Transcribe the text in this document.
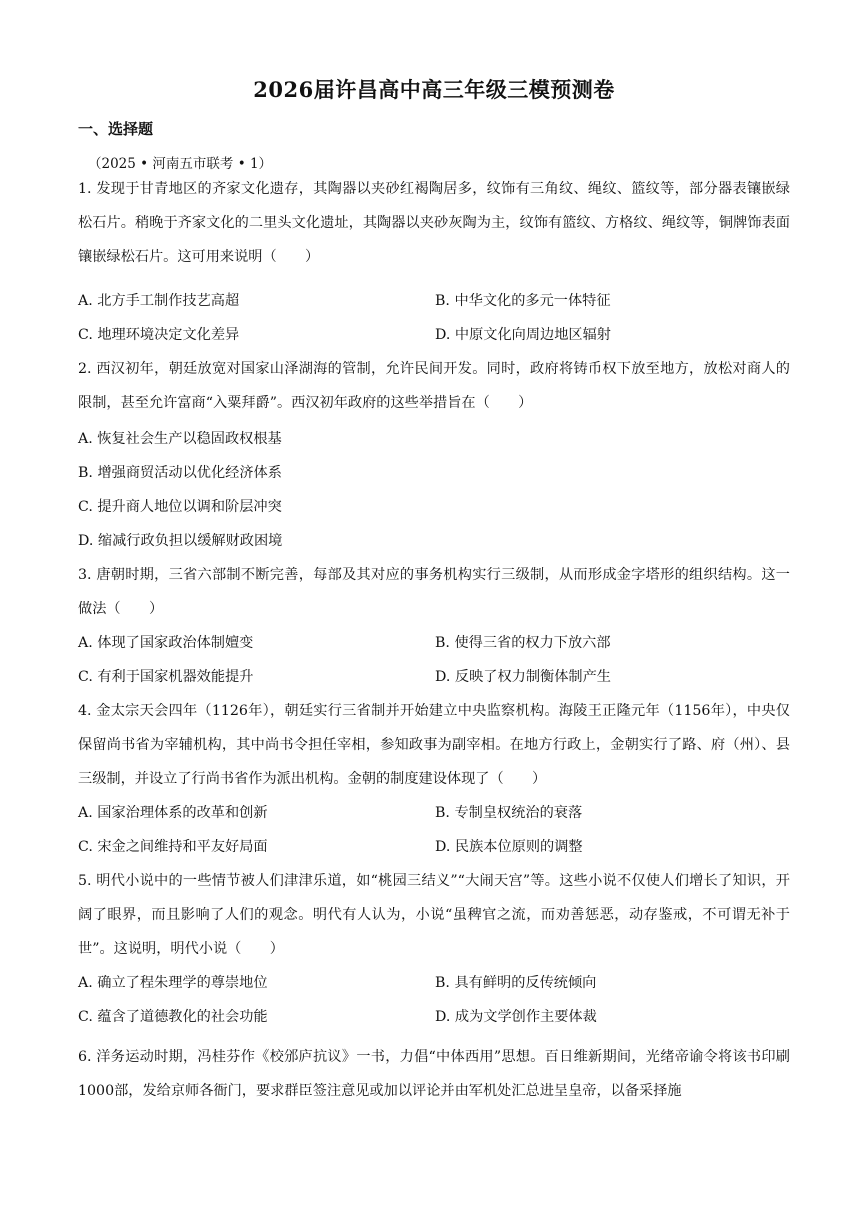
2026届许昌高中高三年级三模预测卷
一、选择题
（2025 • 河南五市联考 • 1）
1. 发现于甘青地区的齐家文化遗存，其陶器以夹砂红褐陶居多，纹饰有三角纹、绳纹、篮纹等，部分器表镶嵌绿松石片。稍晚于齐家文化的二里头文化遗址，其陶器以夹砂灰陶为主，纹饰有篮纹、方格纹、绳纹等，铜牌饰表面镶嵌绿松石片。这可用来说明（　　）
A. 北方手工制作技艺高超	B. 中华文化的多元一体特征
C. 地理环境决定文化差异	D. 中原文化向周边地区辐射
2. 西汉初年，朝廷放宽对国家山泽湖海的管制，允许民间开发。同时，政府将铸币权下放至地方，放松对商人的限制，甚至允许富商“入粟拜爵”。西汉初年政府的这些举措旨在（　　）
A. 恢复社会生产以稳固政权根基
B. 增强商贸活动以优化经济体系
C. 提升商人地位以调和阶层冲突
D. 缩减行政负担以缓解财政困境
3. 唐朝时期，三省六部制不断完善，每部及其对应的事务机构实行三级制，从而形成金字塔形的组织结构。这一做法（　　）
A. 体现了国家政治体制嬗变	B. 使得三省的权力下放六部
C. 有利于国家机器效能提升	D. 反映了权力制衡体制产生
4. 金太宗天会四年（1126年），朝廷实行三省制并开始建立中央监察机构。海陵王正隆元年（1156年），中央仅保留尚书省为宰辅机构，其中尚书令担任宰相，参知政事为副宰相。在地方行政上，金朝实行了路、府（州）、县三级制，并设立了行尚书省作为派出机构。金朝的制度建设体现了（　　）
A. 国家治理体系的改革和创新	B. 专制皇权统治的衰落
C. 宋金之间维持和平友好局面	D. 民族本位原则的调整
5. 明代小说中的一些情节被人们津津乐道，如“桃园三结义”“大闹天宫”等。这些小说不仅使人们增长了知识，开阔了眼界，而且影响了人们的观念。明代有人认为，小说“虽稗官之流，而劝善惩恶，动存鉴戒，不可谓无补于世”。这说明，明代小说（　　）
A. 确立了程朱理学的尊崇地位	B. 具有鲜明的反传统倾向
C. 蕴含了道德教化的社会功能	D. 成为文学创作主要体裁
6. 洋务运动时期，冯桂芬作《校邠庐抗议》一书，力倡“中体西用”思想。百日维新期间，光绪帝谕令将该书印刷1000部，发给京师各衙门，要求群臣签注意见或加以评论并由军机处汇总进呈皇帝，以备采择施
